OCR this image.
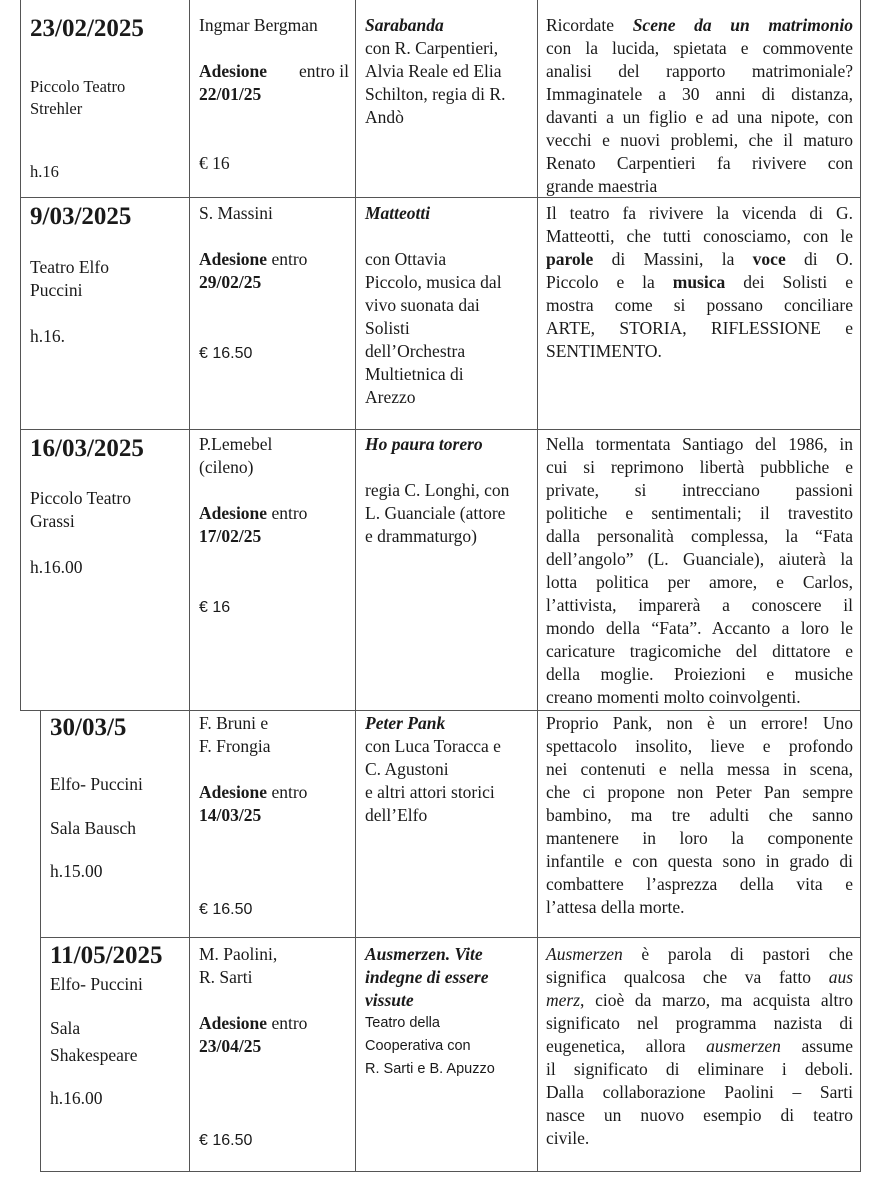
23/02/2025
Piccolo Teatro
Strehler
h.16
Ingmar Bergman
Adesione entro il
22/01/25
€ 16
Sarabanda
con R. Carpentieri,
Alvia Reale ed Elia
Schilton, regia di R.
Andò
Ricordate Scene da un matrimonio
con la lucida, spietata e commovente
analisi del rapporto matrimoniale?
Immaginatele a 30 anni di distanza,
davanti a un figlio e ad una nipote, con
vecchi e nuovi problemi, che il maturo
Renato Carpentieri fa rivivere con
grande maestria
9/03/2025
Teatro Elfo
Puccini
h.16.
S. Massini
Adesione entro
29/02/25
€ 16.50
Matteotti
con Ottavia
Piccolo, musica dal
vivo suonata dai
Solisti
dell’Orchestra
Multietnica di
Arezzo
Il teatro fa rivivere la vicenda di G.
Matteotti, che tutti conosciamo, con le
parole di Massini, la voce di O.
Piccolo e la musica dei Solisti e
mostra come si possano conciliare
ARTE, STORIA, RIFLESSIONE e
SENTIMENTO.
16/03/2025
Piccolo Teatro
Grassi
h.16.00
P.Lemebel
(cileno)
Adesione entro
17/02/25
€ 16
Ho paura torero
regia C. Longhi, con
L. Guanciale (attore
e drammaturgo)
Nella tormentata Santiago del 1986, in
cui si reprimono libertà pubbliche e
private, si intrecciano passioni
politiche e sentimentali; il travestito
dalla personalità complessa, la “Fata
dell’angolo” (L. Guanciale), aiuterà la
lotta politica per amore, e Carlos,
l’attivista, imparerà a conoscere il
mondo della “Fata”. Accanto a loro le
caricature tragicomiche del dittatore e
della moglie. Proiezioni e musiche
creano momenti molto coinvolgenti.
30/03/5
Elfo- Puccini
Sala Bausch
h.15.00
F. Bruni e
F. Frongia
Adesione entro
14/03/25
€ 16.50
Peter Pank
con Luca Toracca e
C. Agustoni
e altri attori storici
dell’Elfo
Proprio Pank, non è un errore! Uno
spettacolo insolito, lieve e profondo
nei contenuti e nella messa in scena,
che ci propone non Peter Pan sempre
bambino, ma tre adulti che sanno
mantenere in loro la componente
infantile e con questa sono in grado di
combattere l’asprezza della vita e
l’attesa della morte.
11/05/2025
Elfo- Puccini
Sala
Shakespeare
h.16.00
M. Paolini,
R. Sarti
Adesione entro
23/04/25
€ 16.50
Ausmerzen. Vite
indegne di essere
vissute
Teatro della
Cooperativa con
R. Sarti e B. Apuzzo
Ausmerzen è parola di pastori che
significa qualcosa che va fatto aus
merz, cioè da marzo, ma acquista altro
significato nel programma nazista di
eugenetica, allora ausmerzen assume
il significato di eliminare i deboli.
Dalla collaborazione Paolini – Sarti
nasce un nuovo esempio di teatro
civile.
